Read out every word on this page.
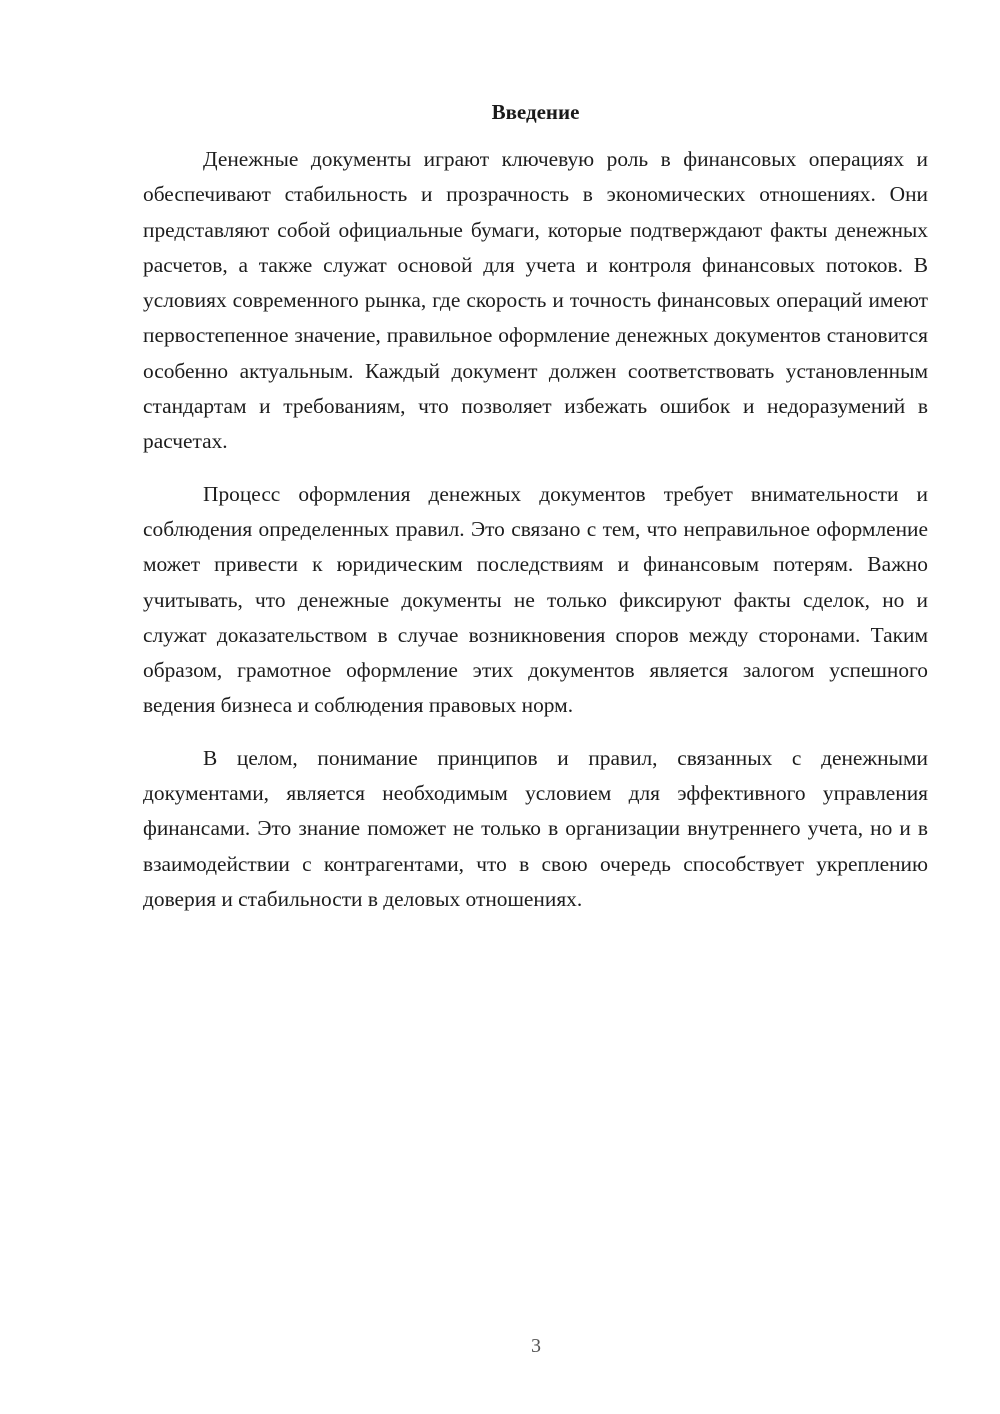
Введение

Денежные документы играют ключевую роль в финансовых операциях и обеспечивают стабильность и прозрачность в экономических отношениях. Они представляют собой официальные бумаги, которые подтверждают факты денежных расчетов, а также служат основой для учета и контроля финансовых потоков. В условиях современного рынка, где скорость и точность финансовых операций имеют первостепенное значение, правильное оформление денежных документов становится особенно актуальным. Каждый документ должен соответствовать установленным стандартам и требованиям, что позволяет избежать ошибок и недоразумений в расчетах.

Процесс оформления денежных документов требует внимательности и соблюдения определенных правил. Это связано с тем, что неправильное оформление может привести к юридическим последствиям и финансовым потерям. Важно учитывать, что денежные документы не только фиксируют факты сделок, но и служат доказательством в случае возникновения споров между сторонами. Таким образом, грамотное оформление этих документов является залогом успешного ведения бизнеса и соблюдения правовых норм.

В целом, понимание принципов и правил, связанных с денежными документами, является необходимым условием для эффективного управления финансами. Это знание поможет не только в организации внутреннего учета, но и в взаимодействии с контрагентами, что в свою очередь способствует укреплению доверия и стабильности в деловых отношениях.

3
